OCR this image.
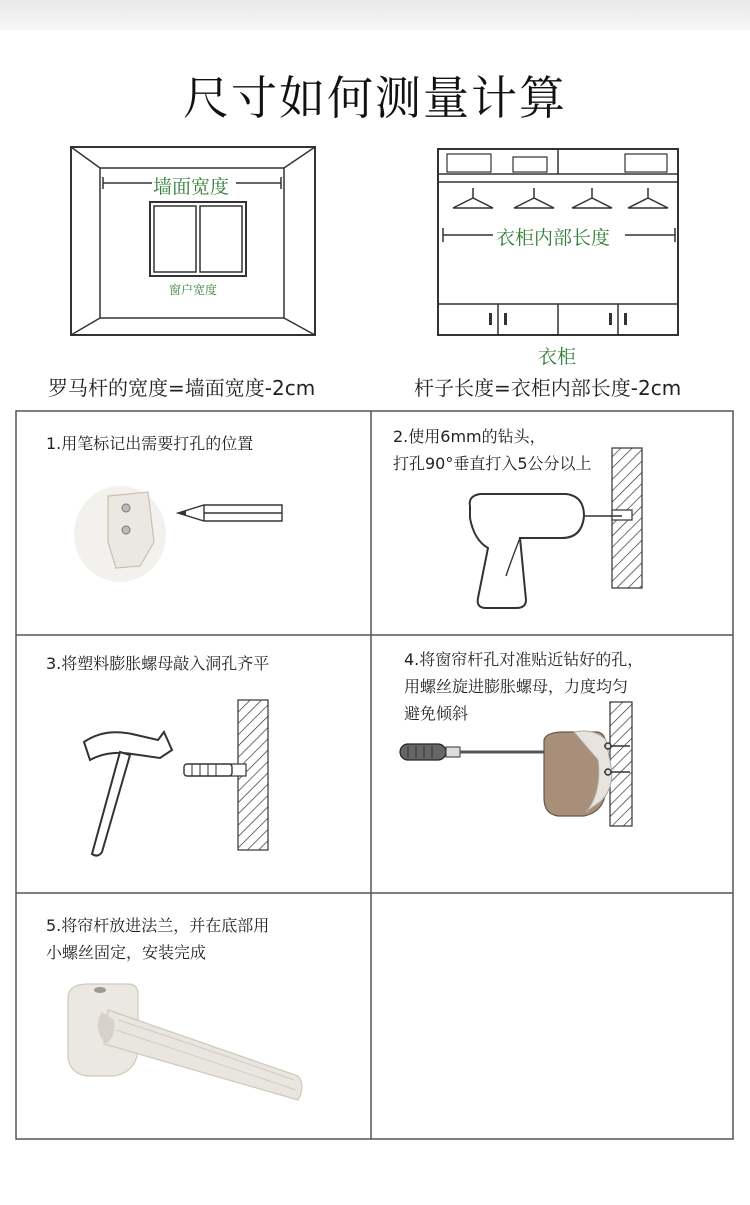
尺寸如何测量计算
墙面宽度
窗户宽度
罗马杆的宽度=墙面宽度-2cm
衣柜内部长度
衣柜
杆子长度=衣柜内部长度-2cm
1.用笔标记出需要打孔的位置	2.使用6mm的钻头，
打孔90°垂直打入5公分以上
3.将塑料膨胀螺母敲入洞孔齐平	4.将窗帘杆孔对准贴近钻好的孔，
用螺丝旋进膨胀螺母，力度均匀
避免倾斜
5.将帘杆放进法兰，并在底部用
小螺丝固定，安装完成
